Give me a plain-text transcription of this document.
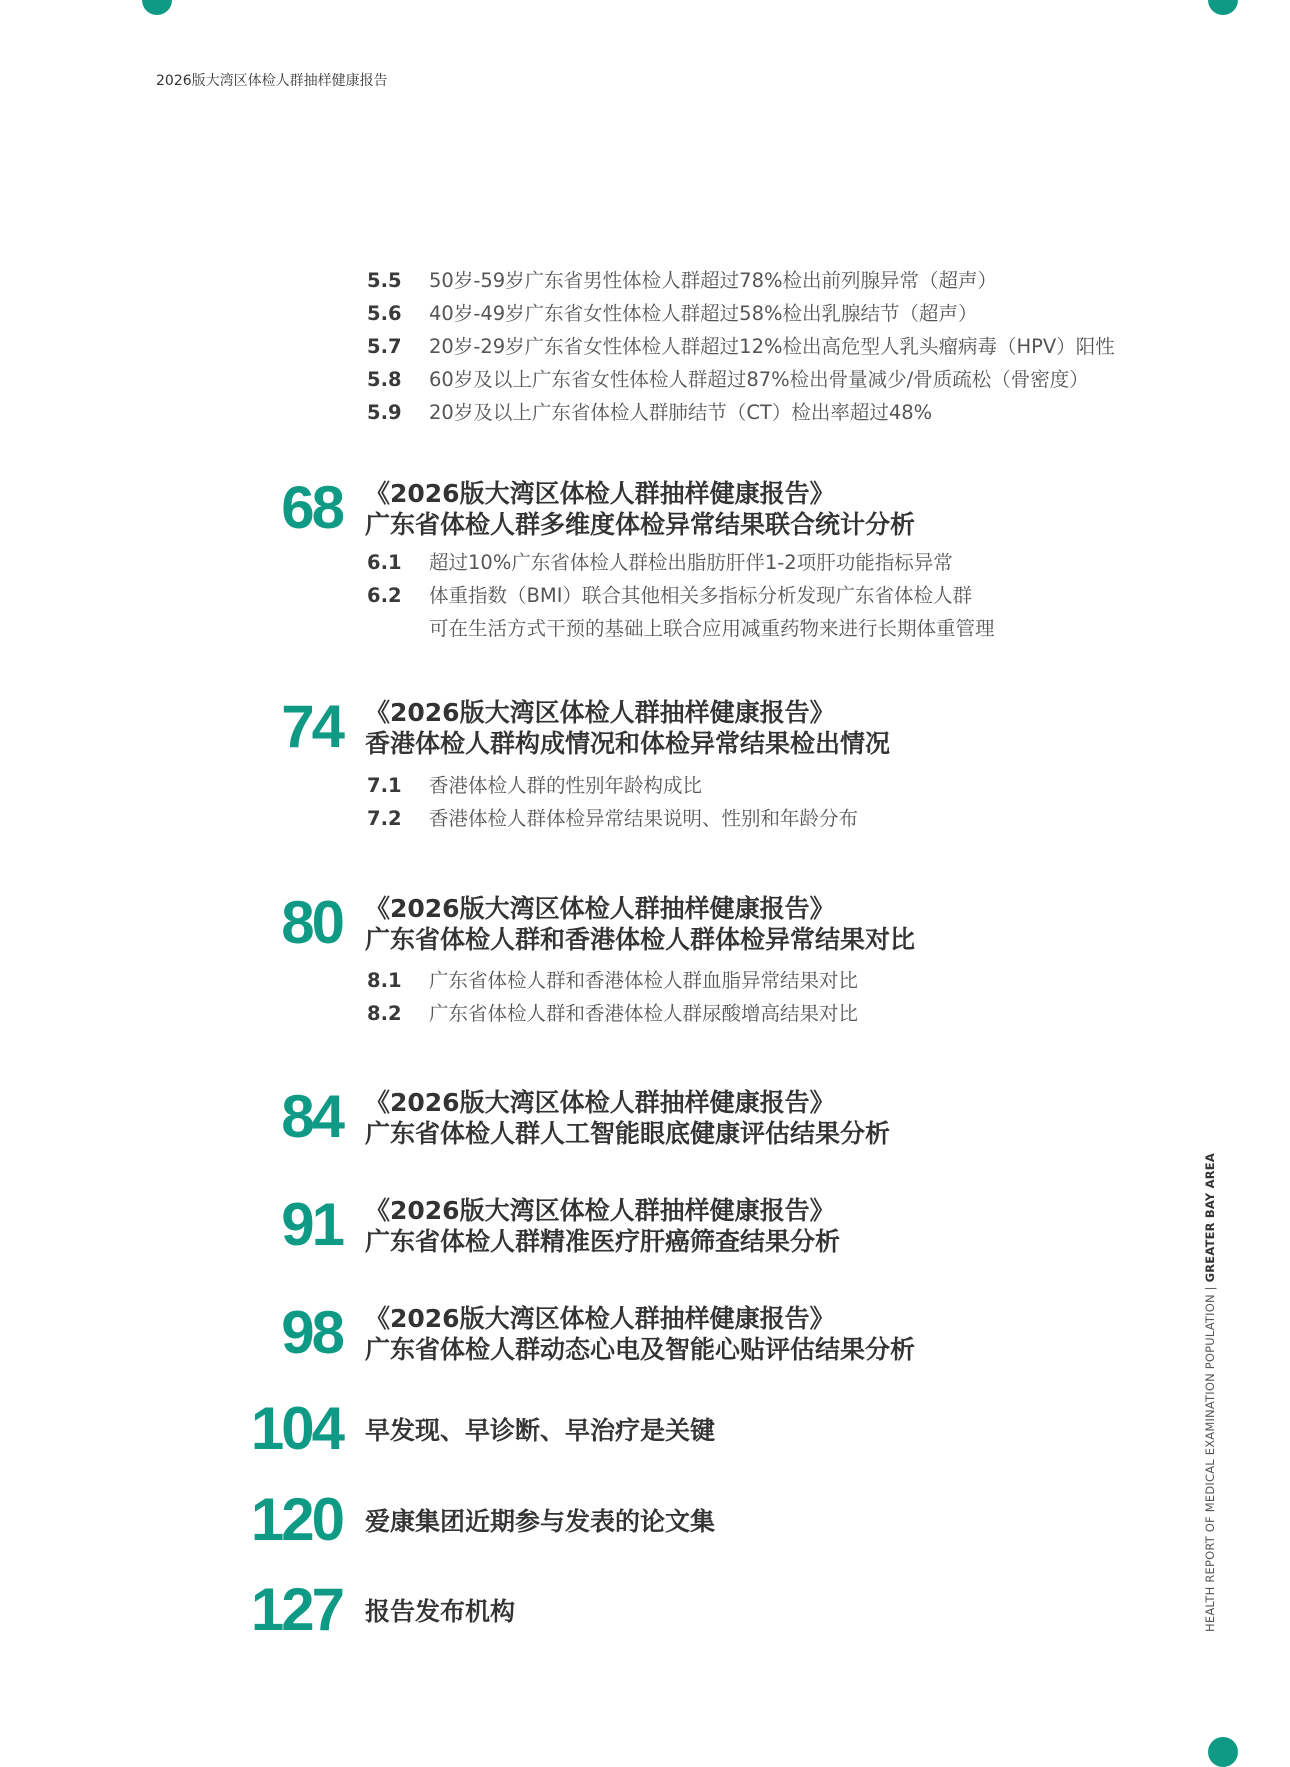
2026版大湾区体检人群抽样健康报告
5.5 50岁-59岁广东省男性体检人群超过78%检出前列腺异常（超声）
5.6 40岁-49岁广东省女性体检人群超过58%检出乳腺结节（超声）
5.7 20岁-29岁广东省女性体检人群超过12%检出高危型人乳头瘤病毒（HPV）阳性
5.8 60岁及以上广东省女性体检人群超过87%检出骨量减少/骨质疏松（骨密度）
5.9 20岁及以上广东省体检人群肺结节（CT）检出率超过48%
68 《2026版大湾区体检人群抽样健康报告》
广东省体检人群多维度体检异常结果联合统计分析
6.1 超过10%广东省体检人群检出脂肪肝伴1-2项肝功能指标异常
6.2 体重指数（BMI）联合其他相关多指标分析发现广东省体检人群
可在生活方式干预的基础上联合应用减重药物来进行长期体重管理
74 《2026版大湾区体检人群抽样健康报告》
香港体检人群构成情况和体检异常结果检出情况
7.1 香港体检人群的性别年龄构成比
7.2 香港体检人群体检异常结果说明、性别和年龄分布
80 《2026版大湾区体检人群抽样健康报告》
广东省体检人群和香港体检人群体检异常结果对比
8.1 广东省体检人群和香港体检人群血脂异常结果对比
8.2 广东省体检人群和香港体检人群尿酸增高结果对比
84 《2026版大湾区体检人群抽样健康报告》
广东省体检人群人工智能眼底健康评估结果分析
91 《2026版大湾区体检人群抽样健康报告》
广东省体检人群精准医疗肝癌筛查结果分析
98 《2026版大湾区体检人群抽样健康报告》
广东省体检人群动态心电及智能心贴评估结果分析
104 早发现、早诊断、早治疗是关键
120 爱康集团近期参与发表的论文集
127 报告发布机构	HEALTH REPORT OF MEDICAL EXAMINATION POPULATION | GREATER BAY AREA
